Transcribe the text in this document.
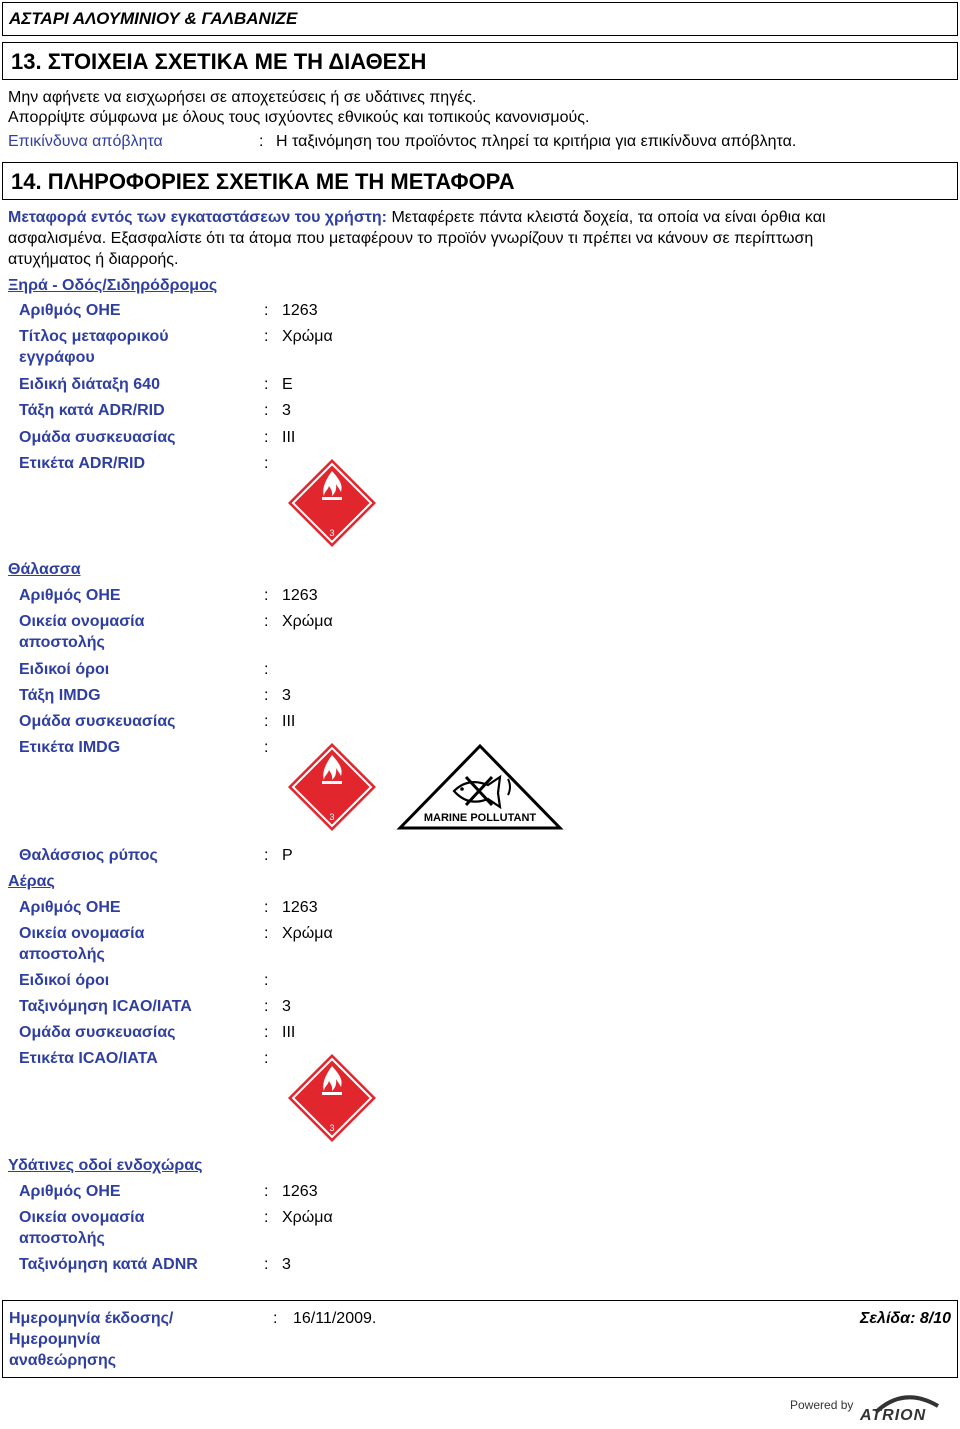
ΑΣΤΑΡΙ ΑΛΟΥΜΙΝΙΟΥ & ΓΑΛΒΑΝΙΖΕ
13. ΣΤΟΙΧΕΙΑ ΣΧΕΤΙΚΑ ΜΕ ΤΗ ΔΙΑΘΕΣΗ
Μην αφήνετε να εισχωρήσει σε αποχετεύσεις ή σε υδάτινες πηγές.
Απορρίψτε σύμφωνα με όλους τους ισχύοντες εθνικούς και τοπικούς κανονισμούς.
Επικίνδυνα απόβλητα	: Η ταξινόμηση του προϊόντος πληρεί τα κριτήρια για επικίνδυνα απόβλητα.
14. ΠΛΗΡΟΦΟΡΙΕΣ ΣΧΕΤΙΚΑ ΜΕ ΤΗ ΜΕΤΑΦΟΡΑ
Μεταφορά εντός των εγκαταστάσεων του χρήστη: Μεταφέρετε πάντα κλειστά δοχεία, τα οποία να είναι όρθια και
ασφαλισμένα. Εξασφαλίστε ότι τα άτομα που μεταφέρουν το προϊόν γνωρίζουν τι πρέπει να κάνουν σε περίπτωση
ατυχήματος ή διαρροής.
Ξηρά - Οδός/Σιδηρόδρομος
Αριθμός ΟΗΕ	: 1263
Τίτλος μεταφορικού εγγράφου
: Χρώμα
Ειδική διάταξη 640	: E
Τάξη κατά ADR/RID	: 3
Ομάδα συσκευασίας	: III
Ετικέτα ADR/RID	:
3
Θάλασσα
Αριθμός ΟΗΕ	: 1263
Οικεία ονομασία αποστολής
: Χρώμα
Ειδικοί όροι	:
Τάξη IMDG	: 3
Ομάδα συσκευασίας	: III
Ετικέτα IMDG	:
3	MARINE POLLUTANT
Θαλάσσιος ρύπος	: P
Αέρας
Αριθμός ΟΗΕ	: 1263
Οικεία ονομασία αποστολής
: Χρώμα
Ειδικοί όροι	:
Ταξινόμηση ICAO/IATA	: 3
Ομάδα συσκευασίας	: III
Ετικέτα ICAO/IATA	:
3
Υδάτινες οδοί ενδοχώρας
Αριθμός ΟΗΕ	: 1263
Οικεία ονομασία αποστολής
: Χρώμα
Ταξινόμηση κατά ADNR	: 3
Ημερομηνία έκδοσης/Ημερομηνία αναθεώρησης
: 16/11/2009.	Σελίδα: 8/10
Powered by
ATRION
